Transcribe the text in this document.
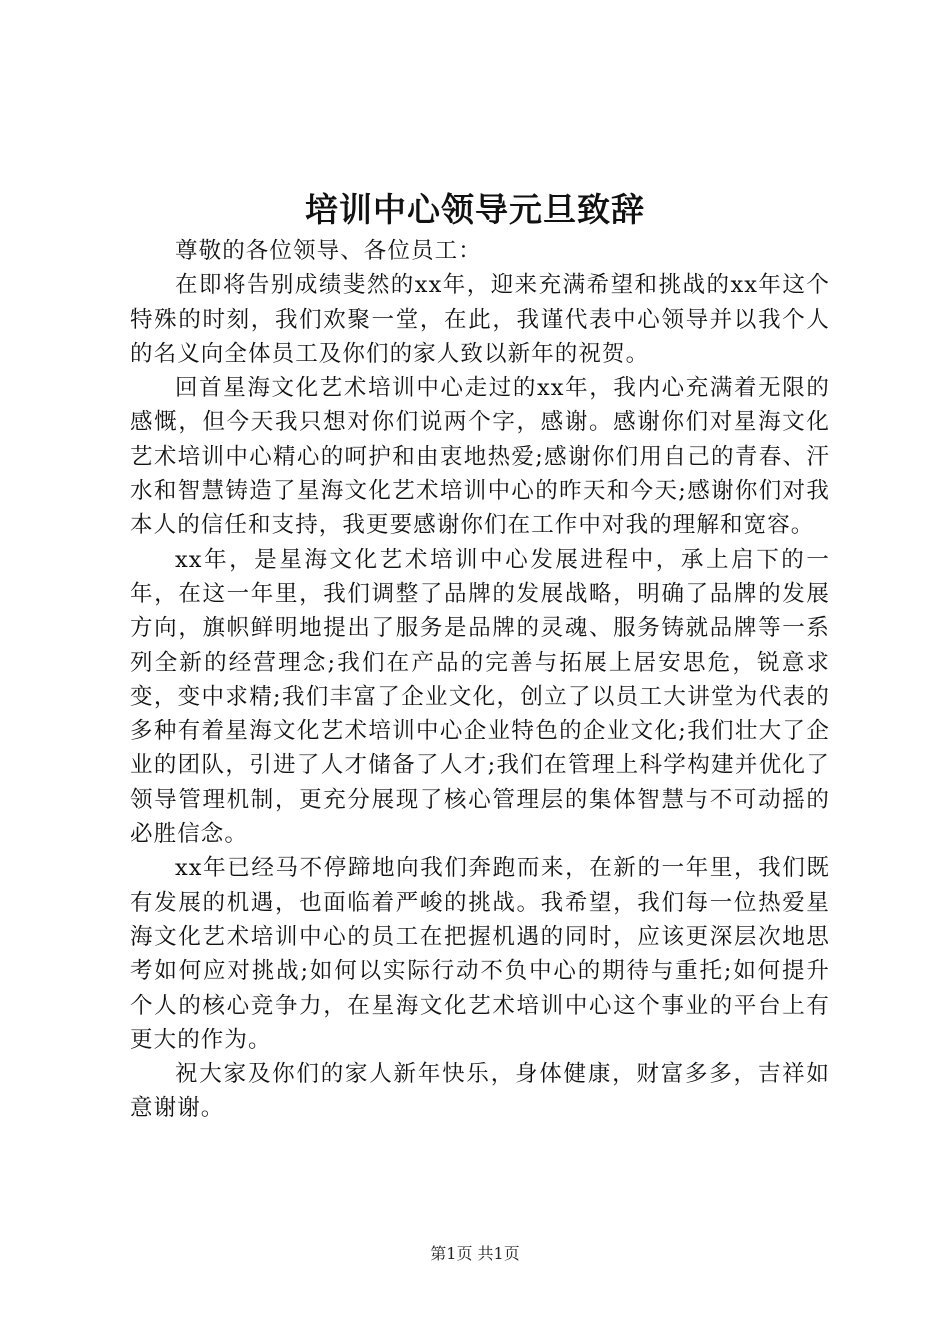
培训中心领导元旦致辞

尊敬的各位领导、各位员工：

在即将告别成绩斐然的xx年，迎来充满希望和挑战的xx年这个特殊的时刻，我们欢聚一堂，在此，我谨代表中心领导并以我个人的名义向全体员工及你们的家人致以新年的祝贺。

回首星海文化艺术培训中心走过的xx年，我内心充满着无限的感慨，但今天我只想对你们说两个字，感谢。感谢你们对星海文化艺术培训中心精心的呵护和由衷地热爱;感谢你们用自己的青春、汗水和智慧铸造了星海文化艺术培训中心的昨天和今天;感谢你们对我本人的信任和支持，我更要感谢你们在工作中对我的理解和宽容。

xx年，是星海文化艺术培训中心发展进程中，承上启下的一年，在这一年里，我们调整了品牌的发展战略，明确了品牌的发展方向，旗帜鲜明地提出了服务是品牌的灵魂、服务铸就品牌等一系列全新的经营理念;我们在产品的完善与拓展上居安思危，锐意求变，变中求精;我们丰富了企业文化，创立了以员工大讲堂为代表的多种有着星海文化艺术培训中心企业特色的企业文化;我们壮大了企业的团队，引进了人才储备了人才;我们在管理上科学构建并优化了领导管理机制，更充分展现了核心管理层的集体智慧与不可动摇的必胜信念。

xx年已经马不停蹄地向我们奔跑而来，在新的一年里，我们既有发展的机遇，也面临着严峻的挑战。我希望，我们每一位热爱星海文化艺术培训中心的员工在把握机遇的同时，应该更深层次地思考如何应对挑战;如何以实际行动不负中心的期待与重托;如何提升个人的核心竞争力，在星海文化艺术培训中心这个事业的平台上有更大的作为。

祝大家及你们的家人新年快乐，身体健康，财富多多，吉祥如意谢谢。

第1页 共1页
